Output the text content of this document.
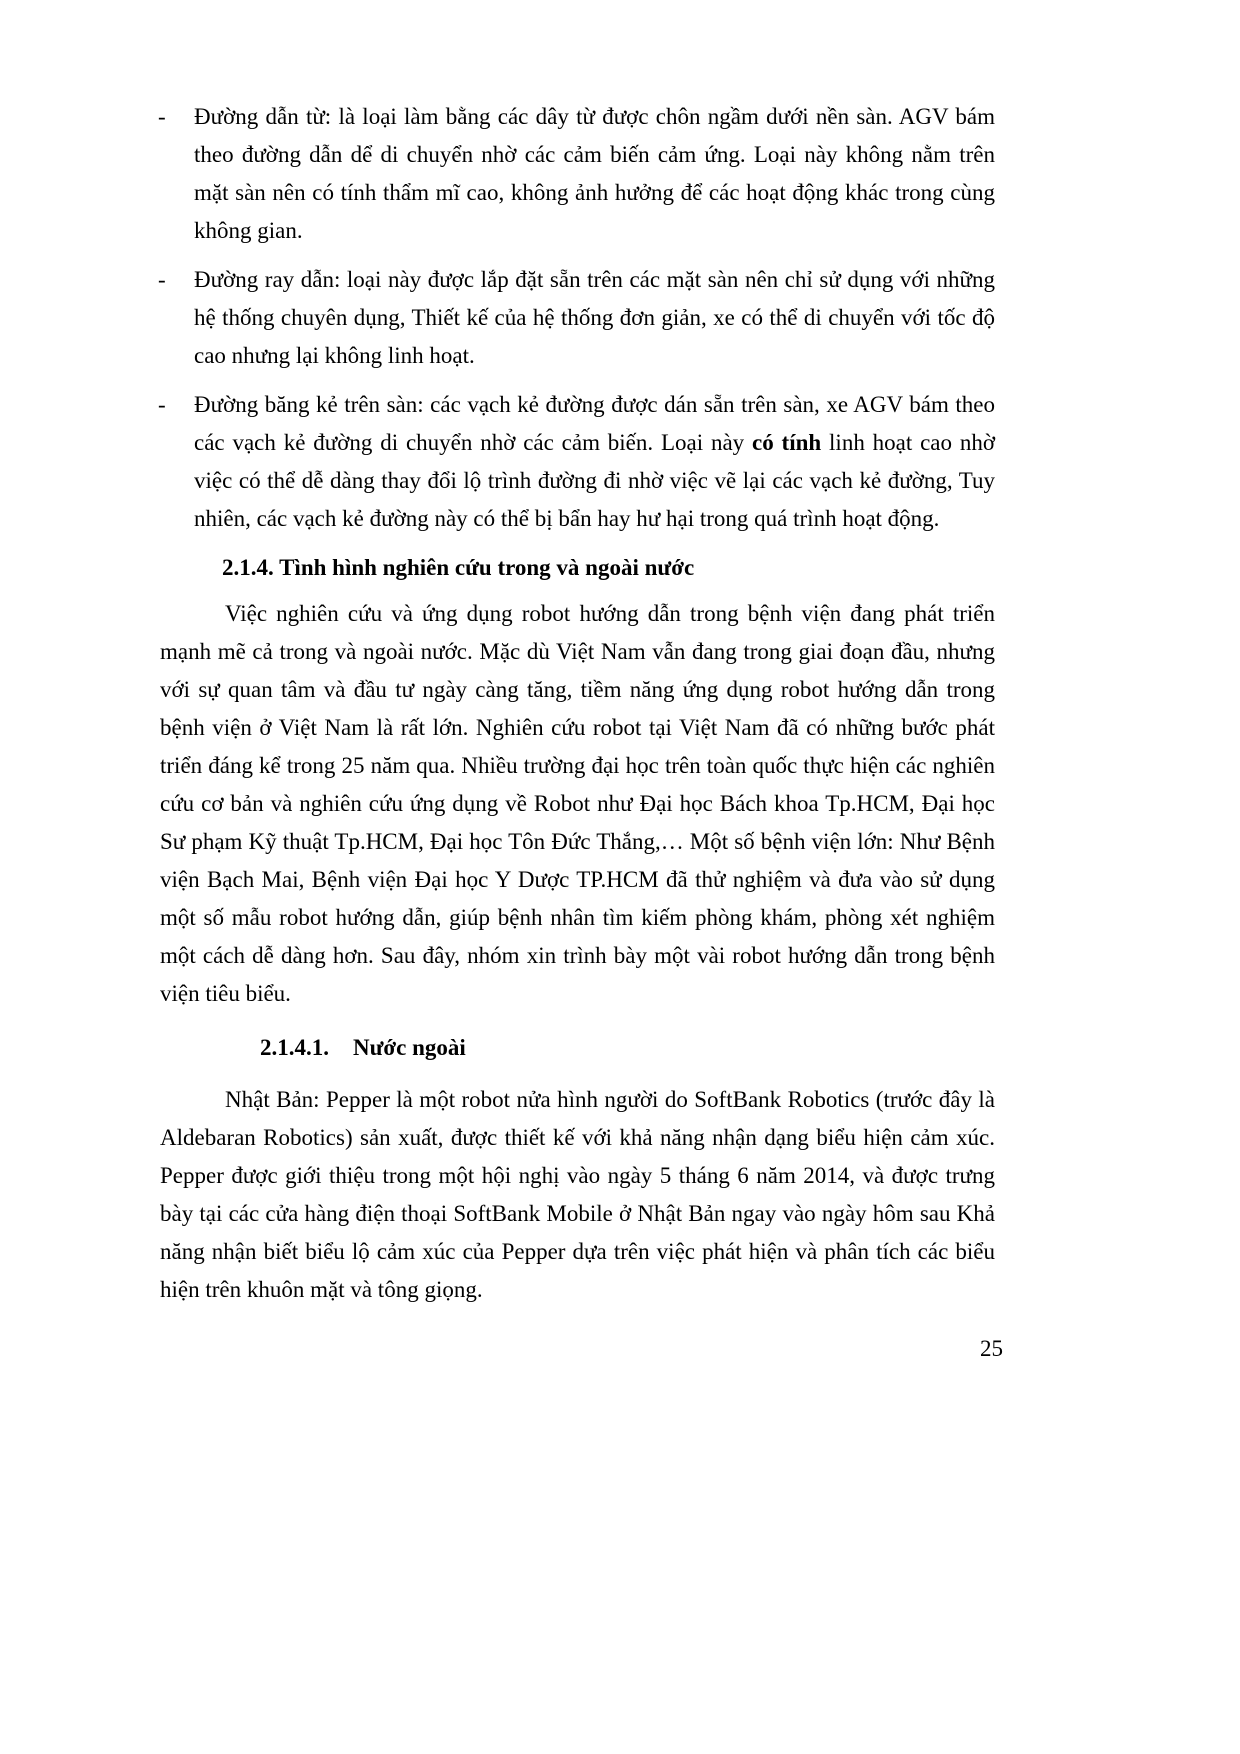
- Đường dẫn từ: là loại làm bằng các dây từ được chôn ngầm dưới nền sàn. AGV bám theo đường dẫn dể di chuyển nhờ các cảm biến cảm ứng. Loại này không nằm trên mặt sàn nên có tính thẩm mĩ cao, không ảnh hưởng để các hoạt động khác trong cùng không gian.
- Đường ray dẫn: loại này được lắp đặt sẵn trên các mặt sàn nên chỉ sử dụng với những hệ thống chuyên dụng, Thiết kế của hệ thống đơn giản, xe có thể di chuyển với tốc độ cao nhưng lại không linh hoạt.
- Đường băng kẻ trên sàn: các vạch kẻ đường được dán sẵn trên sàn, xe AGV bám theo các vạch kẻ đường di chuyển nhờ các cảm biến. Loại này có tính linh hoạt cao nhờ việc có thể dễ dàng thay đổi lộ trình đường đi nhờ việc vẽ lại các vạch kẻ đường, Tuy nhiên, các vạch kẻ đường này có thể bị bẩn hay hư hại trong quá trình hoạt động.
2.1.4. Tình hình nghiên cứu trong và ngoài nước

Việc nghiên cứu và ứng dụng robot hướng dẫn trong bệnh viện đang phát triển mạnh mẽ cả trong và ngoài nước. Mặc dù Việt Nam vẫn đang trong giai đoạn đầu, nhưng với sự quan tâm và đầu tư ngày càng tăng, tiềm năng ứng dụng robot hướng dẫn trong bệnh viện ở Việt Nam là rất lớn. Nghiên cứu robot tại Việt Nam đã có những bước phát triển đáng kể trong 25 năm qua. Nhiều trường đại học trên toàn quốc thực hiện các nghiên cứu cơ bản và nghiên cứu ứng dụng về Robot như Đại học Bách khoa Tp.HCM, Đại học Sư phạm Kỹ thuật Tp.HCM, Đại học Tôn Đức Thắng,… Một số bệnh viện lớn: Như Bệnh viện Bạch Mai, Bệnh viện Đại học Y Dược TP.HCM đã thử nghiệm và đưa vào sử dụng một số mẫu robot hướng dẫn, giúp bệnh nhân tìm kiếm phòng khám, phòng xét nghiệm một cách dễ dàng hơn. Sau đây, nhóm xin trình bày một vài robot hướng dẫn trong bệnh viện tiêu biểu.

2.1.4.1. Nước ngoài

Nhật Bản: Pepper là một robot nửa hình người do SoftBank Robotics (trước đây là Aldebaran Robotics) sản xuất, được thiết kế với khả năng nhận dạng biểu hiện cảm xúc. Pepper được giới thiệu trong một hội nghị vào ngày 5 tháng 6 năm 2014, và được trưng bày tại các cửa hàng điện thoại SoftBank Mobile ở Nhật Bản ngay vào ngày hôm sau Khả năng nhận biết biểu lộ cảm xúc của Pepper dựa trên việc phát hiện và phân tích các biểu hiện trên khuôn mặt và tông giọng.

25
